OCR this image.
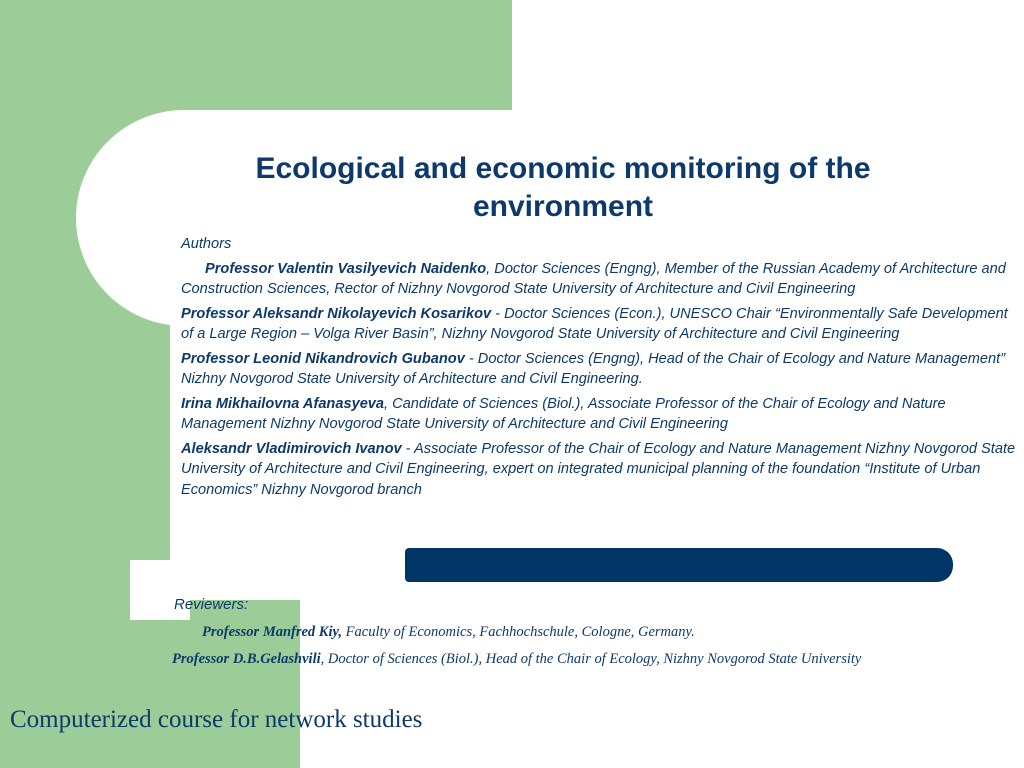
Ecological and economic monitoring of the environment

Authors

Professor Valentin Vasilyevich Naidenko, Doctor Sciences (Engng), Member of the Russian Academy of Architecture and Construction Sciences, Rector of Nizhny Novgorod State University of Architecture and Civil Engineering

Professor Aleksandr Nikolayevich Kosarikov - Doctor Sciences (Econ.), UNESCO Chair “Environmentally Safe Development of a Large Region – Volga River Basin”, Nizhny Novgorod State University of Architecture and Civil Engineering

Professor Leonid Nikandrovich Gubanov - Doctor Sciences (Engng), Head of the Chair of Ecology and Nature Management” Nizhny Novgorod State University of Architecture and Civil Engineering.

Irina Mikhailovna Afanasyeva, Candidate of Sciences (Biol.), Associate Professor of the Chair of Ecology and Nature Management Nizhny Novgorod State University of Architecture and Civil Engineering

Aleksandr Vladimirovich Ivanov - Associate Professor of the Chair of Ecology and Nature Management Nizhny Novgorod State University of Architecture and Civil Engineering, expert on integrated municipal planning of the foundation “Institute of Urban Economics” Nizhny Novgorod branch

Reviewers:
Professor Manfred Kiy, Faculty of Economics, Fachhochschule, Cologne, Germany.
Professor D.B.Gelashvili, Doctor of Sciences (Biol.), Head of the Chair of Ecology, Nizhny Novgorod State University
Computerized course for network studies
